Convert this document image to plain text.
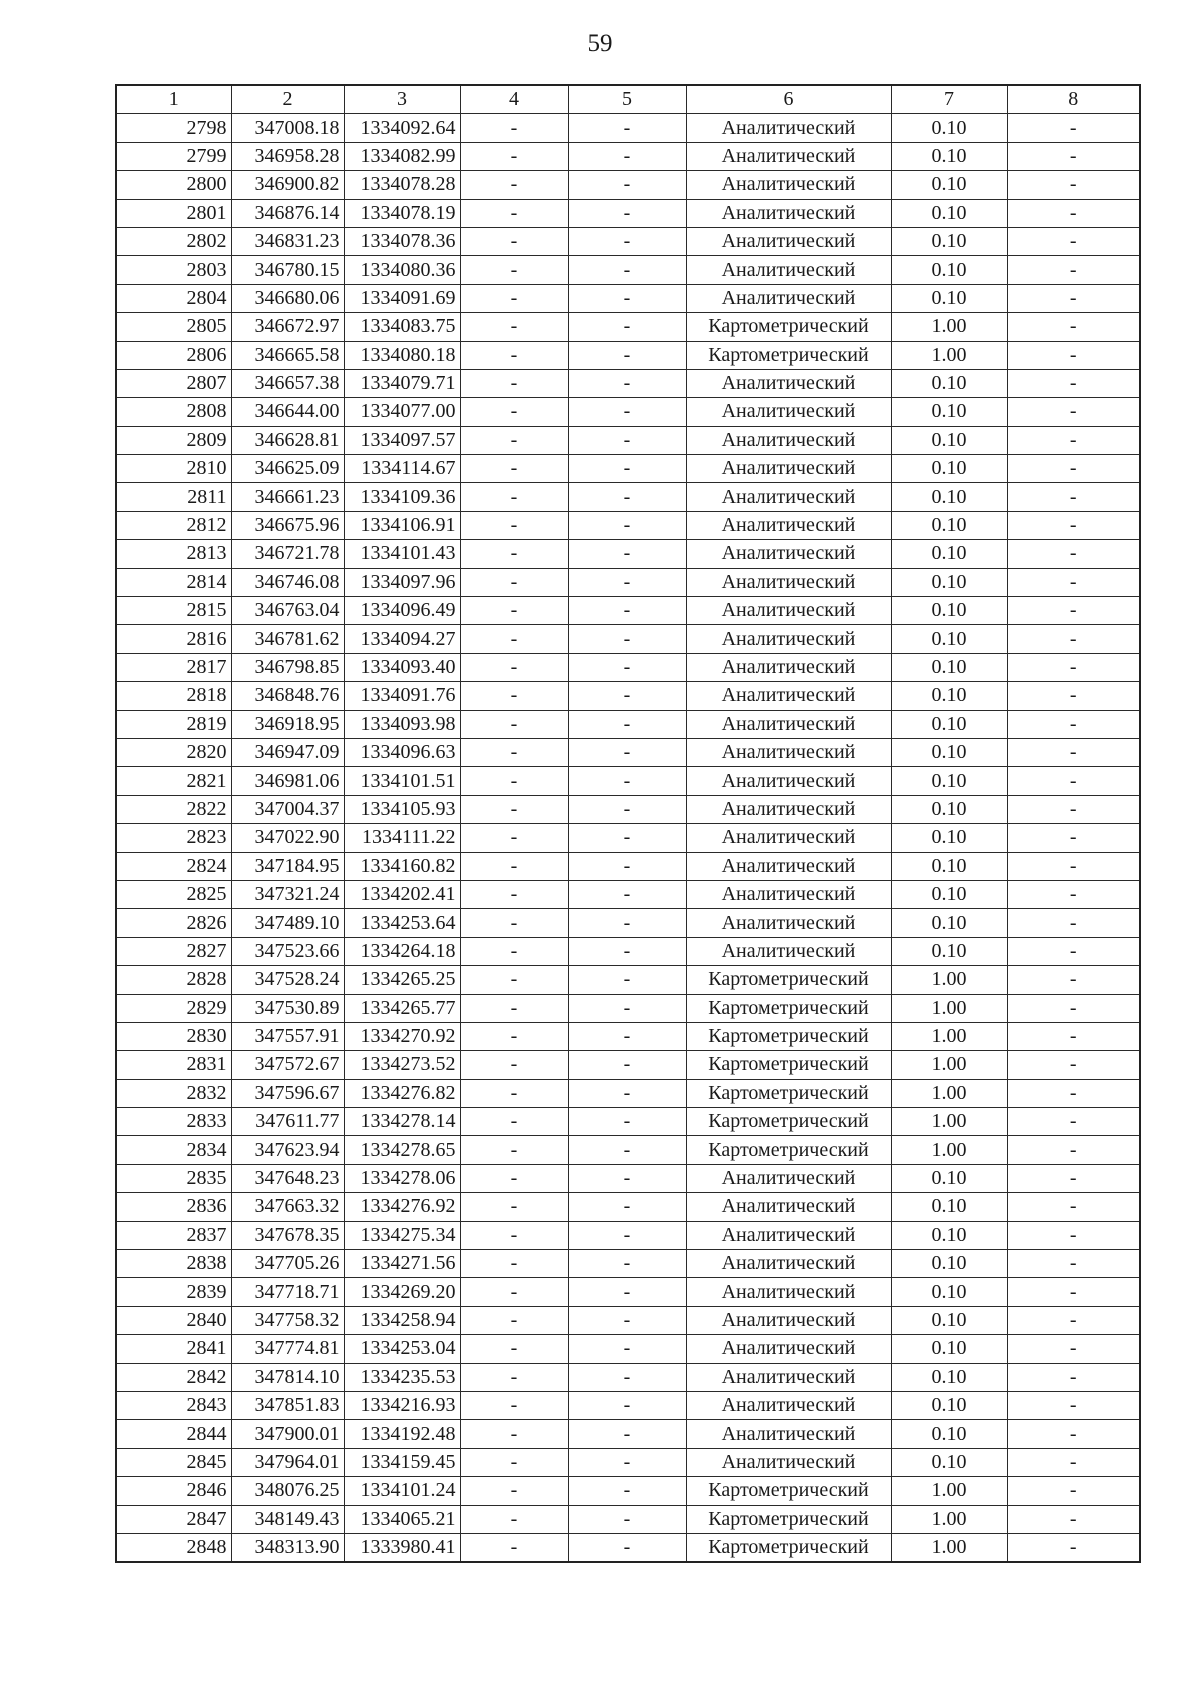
59
1	2	3	4	5	6	7	8
2798	347008.18	1334092.64	-	-	Аналитический	0.10	-
2799	346958.28	1334082.99	-	-	Аналитический	0.10	-
2800	346900.82	1334078.28	-	-	Аналитический	0.10	-
2801	346876.14	1334078.19	-	-	Аналитический	0.10	-
2802	346831.23	1334078.36	-	-	Аналитический	0.10	-
2803	346780.15	1334080.36	-	-	Аналитический	0.10	-
2804	346680.06	1334091.69	-	-	Аналитический	0.10	-
2805	346672.97	1334083.75	-	-	Картометрический	1.00	-
2806	346665.58	1334080.18	-	-	Картометрический	1.00	-
2807	346657.38	1334079.71	-	-	Аналитический	0.10	-
2808	346644.00	1334077.00	-	-	Аналитический	0.10	-
2809	346628.81	1334097.57	-	-	Аналитический	0.10	-
2810	346625.09	1334114.67	-	-	Аналитический	0.10	-
2811	346661.23	1334109.36	-	-	Аналитический	0.10	-
2812	346675.96	1334106.91	-	-	Аналитический	0.10	-
2813	346721.78	1334101.43	-	-	Аналитический	0.10	-
2814	346746.08	1334097.96	-	-	Аналитический	0.10	-
2815	346763.04	1334096.49	-	-	Аналитический	0.10	-
2816	346781.62	1334094.27	-	-	Аналитический	0.10	-
2817	346798.85	1334093.40	-	-	Аналитический	0.10	-
2818	346848.76	1334091.76	-	-	Аналитический	0.10	-
2819	346918.95	1334093.98	-	-	Аналитический	0.10	-
2820	346947.09	1334096.63	-	-	Аналитический	0.10	-
2821	346981.06	1334101.51	-	-	Аналитический	0.10	-
2822	347004.37	1334105.93	-	-	Аналитический	0.10	-
2823	347022.90	1334111.22	-	-	Аналитический	0.10	-
2824	347184.95	1334160.82	-	-	Аналитический	0.10	-
2825	347321.24	1334202.41	-	-	Аналитический	0.10	-
2826	347489.10	1334253.64	-	-	Аналитический	0.10	-
2827	347523.66	1334264.18	-	-	Аналитический	0.10	-
2828	347528.24	1334265.25	-	-	Картометрический	1.00	-
2829	347530.89	1334265.77	-	-	Картометрический	1.00	-
2830	347557.91	1334270.92	-	-	Картометрический	1.00	-
2831	347572.67	1334273.52	-	-	Картометрический	1.00	-
2832	347596.67	1334276.82	-	-	Картометрический	1.00	-
2833	347611.77	1334278.14	-	-	Картометрический	1.00	-
2834	347623.94	1334278.65	-	-	Картометрический	1.00	-
2835	347648.23	1334278.06	-	-	Аналитический	0.10	-
2836	347663.32	1334276.92	-	-	Аналитический	0.10	-
2837	347678.35	1334275.34	-	-	Аналитический	0.10	-
2838	347705.26	1334271.56	-	-	Аналитический	0.10	-
2839	347718.71	1334269.20	-	-	Аналитический	0.10	-
2840	347758.32	1334258.94	-	-	Аналитический	0.10	-
2841	347774.81	1334253.04	-	-	Аналитический	0.10	-
2842	347814.10	1334235.53	-	-	Аналитический	0.10	-
2843	347851.83	1334216.93	-	-	Аналитический	0.10	-
2844	347900.01	1334192.48	-	-	Аналитический	0.10	-
2845	347964.01	1334159.45	-	-	Аналитический	0.10	-
2846	348076.25	1334101.24	-	-	Картометрический	1.00	-
2847	348149.43	1334065.21	-	-	Картометрический	1.00	-
2848	348313.90	1333980.41	-	-	Картометрический	1.00	-
